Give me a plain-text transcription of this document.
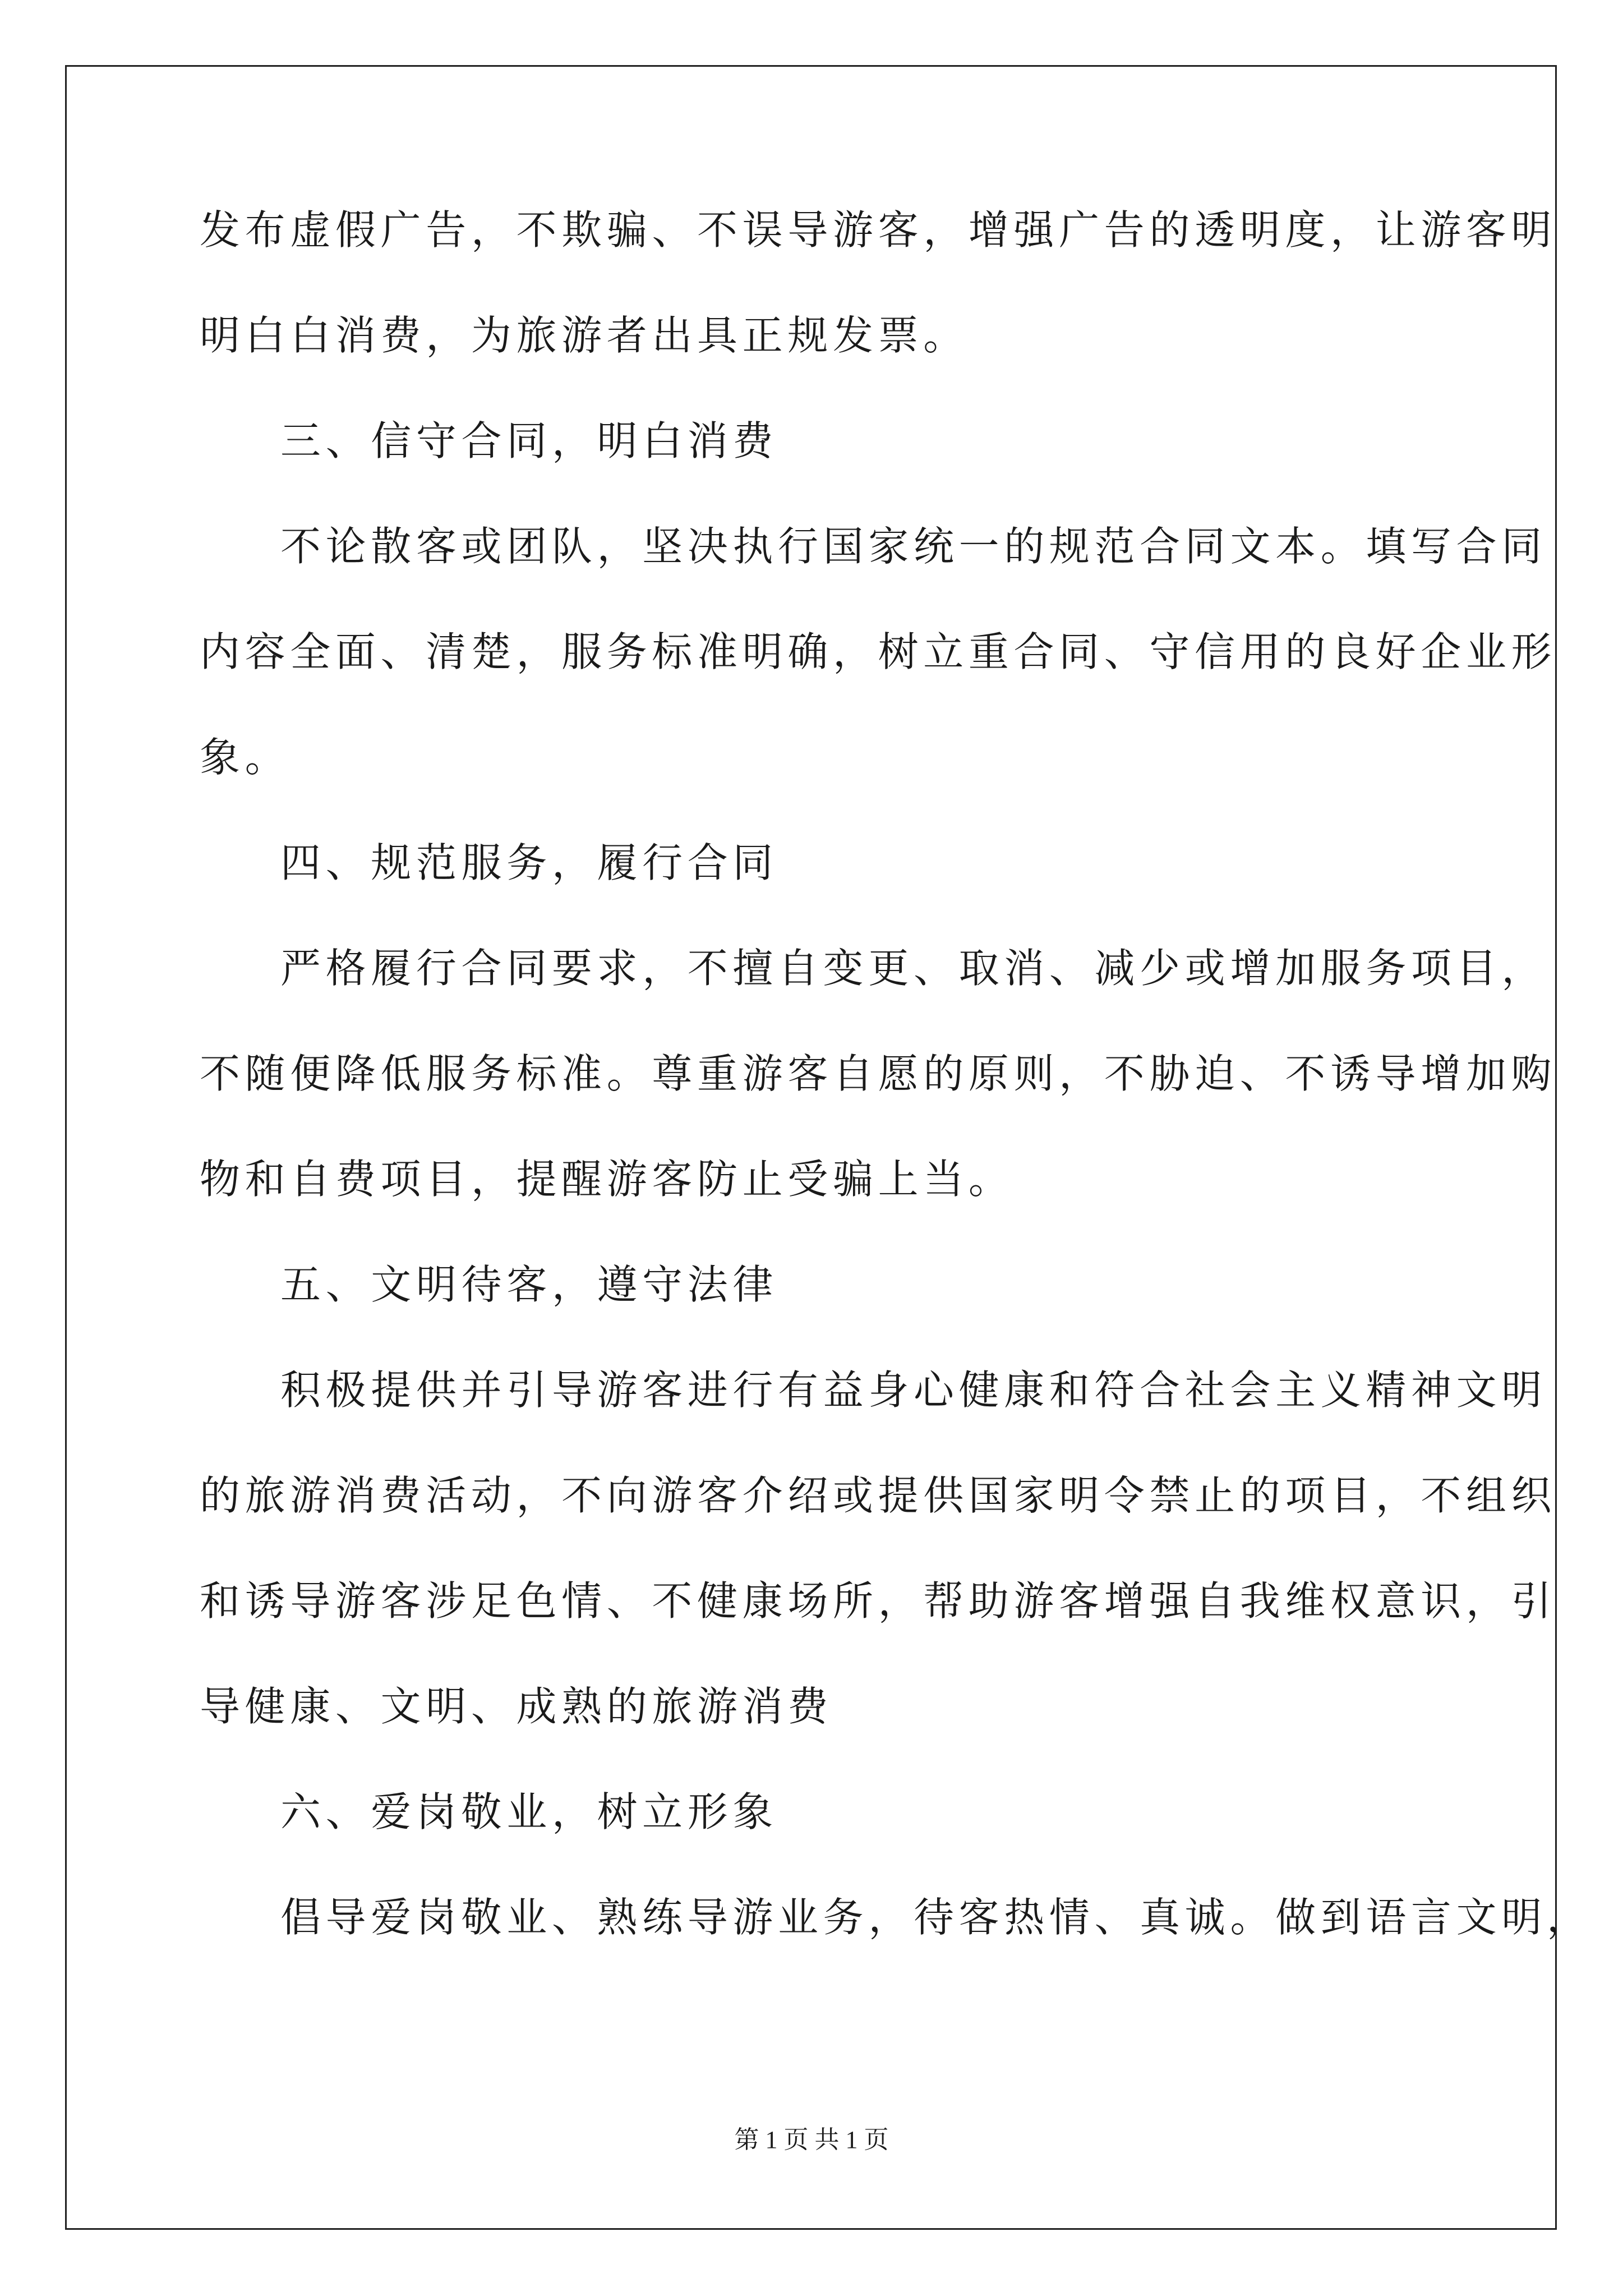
发布虚假广告，不欺骗、不误导游客，增强广告的透明度，让游客明
明白白消费，为旅游者出具正规发票。
三、信守合同，明白消费
不论散客或团队，坚决执行国家统一的规范合同文本。填写合同
内容全面、清楚，服务标准明确，树立重合同、守信用的良好企业形
象。
四、规范服务，履行合同
严格履行合同要求，不擅自变更、取消、减少或增加服务项目，
不随便降低服务标准。尊重游客自愿的原则，不胁迫、不诱导增加购
物和自费项目，提醒游客防止受骗上当。
五、文明待客，遵守法律
积极提供并引导游客进行有益身心健康和符合社会主义精神文明
的旅游消费活动，不向游客介绍或提供国家明令禁止的项目，不组织
和诱导游客涉足色情、不健康场所，帮助游客增强自我维权意识，引
导健康、文明、成熟的旅游消费
六、爱岗敬业，树立形象
倡导爱岗敬业、熟练导游业务，待客热情、真诚。做到语言文明，
第 1 页 共 1 页
